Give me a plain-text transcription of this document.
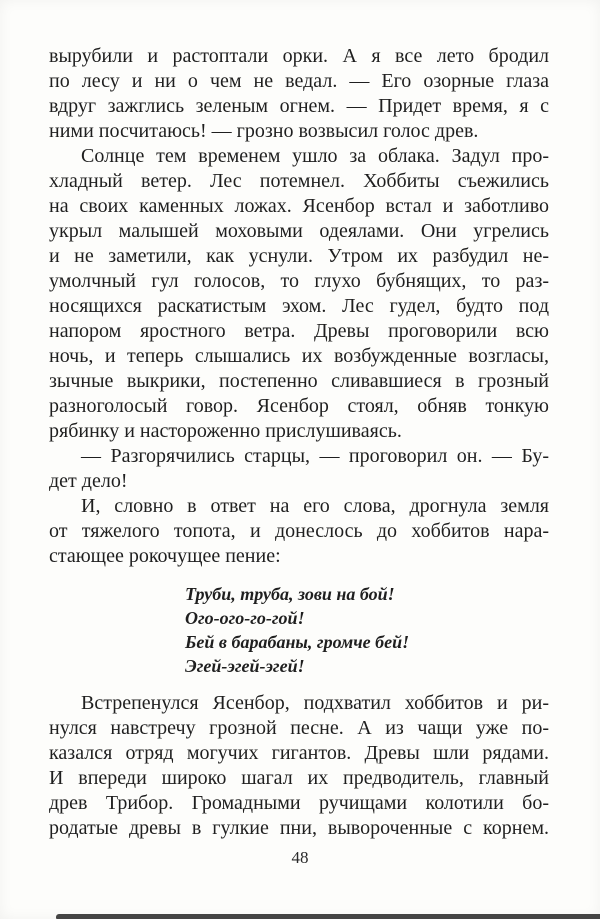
вырубили и растоптали орки. А я все лето бродил
по лесу и ни о чем не ведал. — Его озорные глаза
вдруг зажглись зеленым огнем. — Придет время, я с
ними посчитаюсь! — грозно возвысил голос древ.
Солнце тем временем ушло за облака. Задул про-
хладный ветер. Лес потемнел. Хоббиты съежились
на своих каменных ложах. Ясенбор встал и заботливо
укрыл малышей моховыми одеялами. Они угрелись
и не заметили, как уснули. Утром их разбудил не-
умолчный гул голосов, то глухо бубнящих, то раз-
носящихся раскатистым эхом. Лес гудел, будто под
напором яростного ветра. Древы проговорили всю
ночь, и теперь слышались их возбужденные возгласы,
зычные выкрики, постепенно сливавшиеся в грозный
разноголосый говор. Ясенбор стоял, обняв тонкую
рябинку и настороженно прислушиваясь.
— Разгорячились старцы, — проговорил он. — Бу-
дет дело!
И, словно в ответ на его слова, дрогнула земля
от тяжелого топота, и донеслось до хоббитов нара-
стающее рокочущее пение:
Труби, труба, зови на бой!
Ого-ого-го-гой!
Бей в барабаны, громче бей!
Эгей-эгей-эгей!
Встрепенулся Ясенбор, подхватил хоббитов и ри-
нулся навстречу грозной песне. А из чащи уже по-
казался отряд могучих гигантов. Древы шли рядами.
И впереди широко шагал их предводитель, главный
древ Трибор. Громадными ручищами колотили бо-
родатые древы в гулкие пни, вывороченные с корнем.
48
